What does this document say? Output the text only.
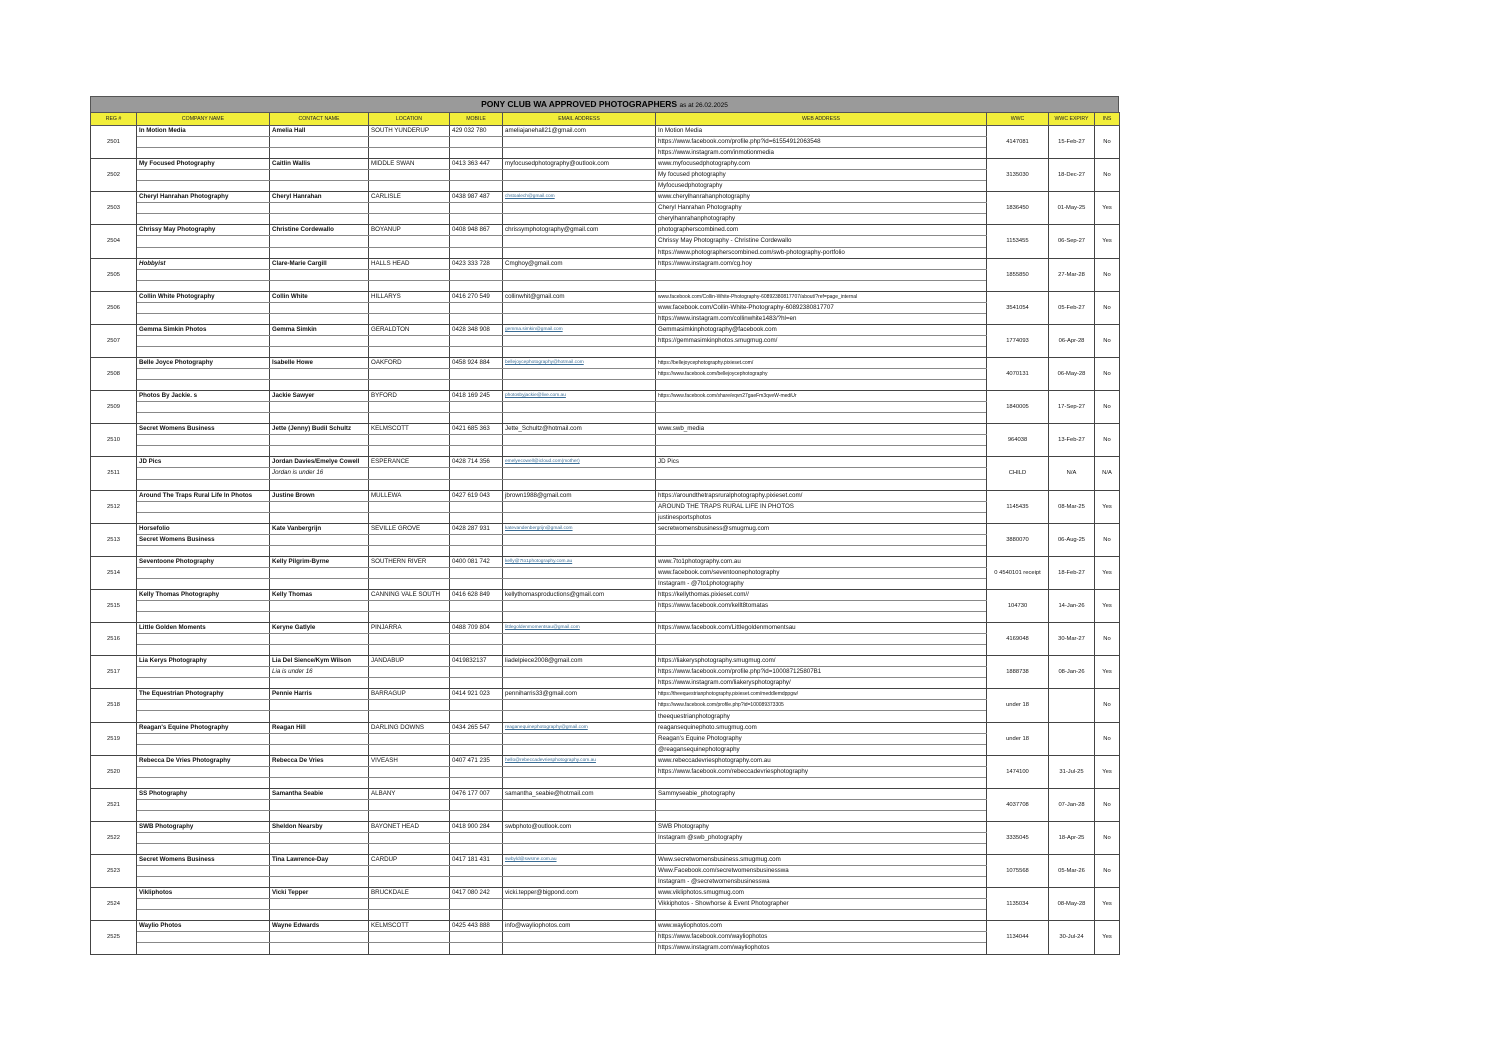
PONY CLUB WA APPROVED PHOTOGRAPHERS as at 26.02.2025
REG #	COMPANY NAME	CONTACT NAME	LOCATION	MOBILE	EMAIL ADDRESS	WEB ADDRESS	WWC	WWC EXPIRY	INS
2501	In Motion Media	Amelia Hall	SOUTH YUNDERUP	429 032 780	ameliajanehall21@gmail.com	In Motion Media	4147081	15-Feb-27	No
						https://www.facebook.com/profile.php?id=61554912063548			
						https://www.instagram.com/inmotionmedia			
2502	My Focused Photography	Caitlin Wallis	MIDDLE SWAN	0413 363 447	myfocusedphotography@outlook.com	www.myfocusedphotography.com	3135030	18-Dec-27	No
						My focused photography			
						Myfocusedphotography			
2503	Cheryl Hanrahan Photography	Cheryl Hanrahan	CARLISLE	0438 987 487	chstoalech@gmail.com	www.cherylhanrahanphotography	1836450	01-May-25	Yes
						Cheryl Hanrahan Photography			
						cherylhanrahanphotography			
2504	Chrissy May Photography	Christine Cordewallo	BOYANUP	0408 948 867	chrissymphotography@gmail.com	photographerscombined.com	1153455	06-Sep-27	Yes
						Chrissy May Photography - Christine Cordewallo			
						https://www.photographerscombined.com/swb-photography-portfolio			
2505	Hobbyist	Clare-Marie Cargill	HALLS HEAD	0423 333 728	Cmghoy@gmail.com	https://www.instagram.com/cg.hoy	1855850	27-Mar-28	No

2506	Collin White Photography	Collin White	HILLARYS	0416 270 549	collinwhit@gmail.com	www.facebook.com/Collin-White-Photography-60892380817707/about/?ref=page_internal	3541054	05-Feb-27	No
						www.facebook.com/Collin-White-Photography-60892380817707			
						https://www.instagram.com/collinwhite1483/?hl=en			
2507	Gemma Simkin Photos	Gemma Simkin	GERALDTON	0428 348 908	gemma.simkin@gmail.com	Gemmasimkinphotography@facebook.com	1774093	06-Apr-28	No
						https://gemmasimkinphotos.smugmug.com/			

2508	Belle Joyce Photography	Isabelle Howe	OAKFORD	0458 924 884	bellejoycephotography@hotmail.com	https://bellejoycephotography.pixieset.com/	4070131	06-May-28	No
						https://www.facebook.com/bellejoycephotography			

2509	Photos By Jackie. s	Jackie Sawyer	BYFORD	0418 169 245	photosbyjackie@live.com.au	https://www.facebook.com/share/eqvn27gaeFm3qveW-mediUr	1840005	17-Sep-27	No

2510	Secret Womens Business	Jette (Jenny) Budil Schultz	KELMSCOTT	0421 685 363	Jette_Schultz@hotmail.com	www.swb_media	964038	13-Feb-27	No

2511	JD Pics	Jordan Davies/Emelye Cowell	ESPERANCE	0428 714 356	emelyecowell@icloud.com(mother)	JD Pics	CHILD	N/A	N/A
		Jordan is under 16							

2512	Around The Traps Rural Life In Photos	Justine Brown	MULLEWA	0427 619 043	jbrown1988@gmail.com	https://aroundthetrapsruralphotography.pixieset.com/	1145435	08-Mar-25	Yes
						AROUND THE TRAPS RURAL LIFE IN PHOTOS			
						justinesportsphotos			
2513	Horsefolio	Kate Vanbergrijn	SEVILLE GROVE	0428 287 931	katevandenbergrijn@gmail.com	secretwomensbusiness@smugmug.com	3880070	06-Aug-25	No
	Secret Womens Business								

2514	Seventoone Photography	Kelly Pilgrim-Byrne	SOUTHERN RIVER	0400 081 742	kelly@7to1photography.com.au	www.7to1photography.com.au	0 4540101 receipt	18-Feb-27	Yes
						www.facebook.com/seventoonephotography			
						Instagram - @7to1photography			
2515	Kelly Thomas Photography	Kelly Thomas	CANNING VALE SOUTH	0416 628 849	kellythomasproductions@gmail.com	https://kellythomas.pixieset.com//	104730	14-Jan-26	Yes
						https://www.facebook.com/kellt8tomatas			

2516	Little Golden Moments	Keryne Gatlyle	PINJARRA	0488 709 804	littlegoldenmomentsau@gmail.com	https://www.facebook.com/Littlegoldenmomentsau	4169048	30-Mar-27	No

2517	Lia Kerys Photography	Lia Del Sience/Kym Wilson	JANDABUP	0419832137	liadelpiece2008@gmail.com	https://liakerysphotography.smugmug.com/	1888738	08-Jan-26	Yes
		Lia is under 16				https://www.facebook.com/profile.php?id=100087125807B1			
						https://www.instagram.com/liakerysphotography/			
2518	The Equestrian Photography	Pennie Harris	BARRAGUP	0414 921 023	penniharris33@gmail.com	https://theequestrianphotography.pixieset.com/meddlemdppgw/	under 18		No
						https://www.facebook.com/profile.php?id=100089373305			
						theequestrianphotography			
2519	Reagan's Equine Photography	Reagan Hill	DARLING DOWNS	0434 265 547	reaganequinephotography@gmail.com	reagansequinephoto.smugmug.com	under 18		No
						Reagan's Equine Photography			
						@reagansequinephotography			
2520	Rebecca De Vries Photography	Rebecca De Vries	VIVEASH	0407 471 235	hello@rebeccadevriesphotography.com.au	www.rebeccadevriesphotography.com.au	1474100	31-Jul-25	Yes
						https://www.facebook.com/rebeccadevriesphotography			

2521	SS Photography	Samantha Seabie	ALBANY	0476 177 007	samantha_seabie@hotmail.com	Sammyseabie_photography	4037708	07-Jan-28	No

2522	SWB Photography	Sheldon Nearsby	BAYONET HEAD	0418 900 284	swbphoto@outlook.com	SWB Photography	3335045	18-Apr-25	No
						Instagram @swb_photography			

2523	Secret Womens Business	Tina Lawrence-Day	CARDUP	0417 181 431	swbyld@swsme.com.au	Www.secretwomensbusiness.smugmug.com	1075568	05-Mar-26	No
						Www.Facebook.com/secretwomensbusinesswa			
						Instagram - @secretwomensbusinesswa			
2524	Vikliphotos	Vicki Tepper	BRUCKDALE	0417 080 242	vicki.tepper@bigpond.com	www.vikliphotos.smugmug.com	1135034	08-May-28	Yes
						Vikkiphotos - Showhorse & Event Photographer			

2525	Waylio Photos	Wayne Edwards	KELMSCOTT	0425 443 888	info@wayliophotos.com	www.wayliophotos.com	1134044	30-Jul-24	Yes
						https://www.facebook.com/wayliophotos			
						https://www.instagram.com/wayliophotos			
